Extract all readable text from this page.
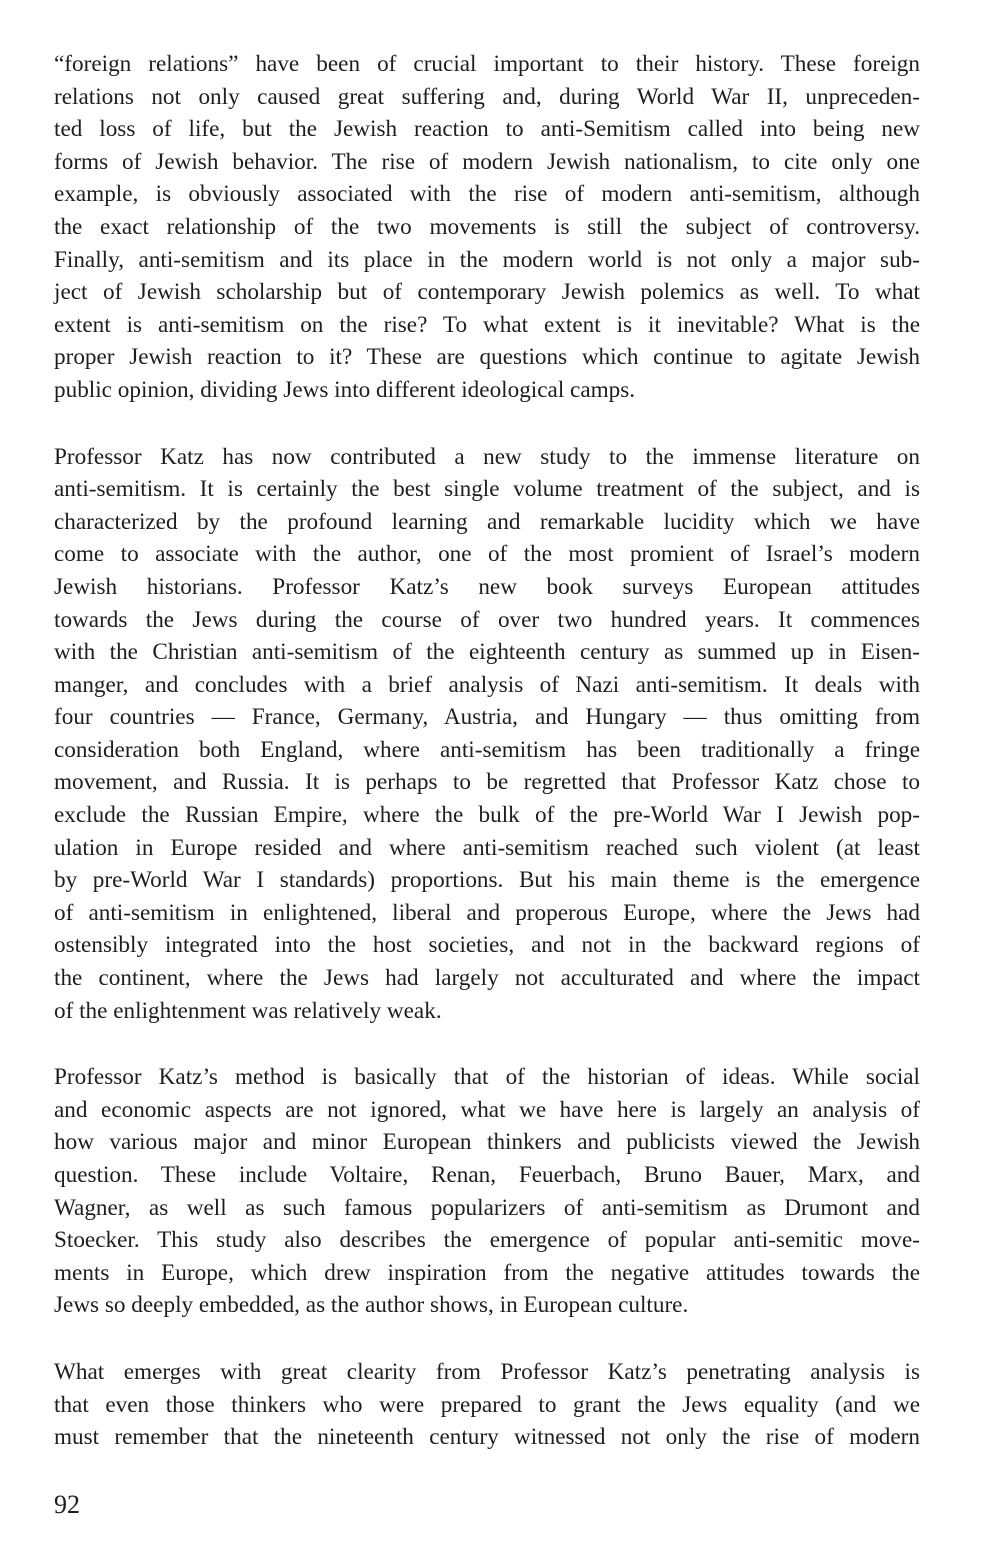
“foreign relations” have been of crucial important to their history. These foreign
relations not only caused great suffering and, during World War II, unpreceden-
ted loss of life, but the Jewish reaction to anti-Semitism called into being new
forms of Jewish behavior. The rise of modern Jewish nationalism, to cite only one
example, is obviously associated with the rise of modern anti-semitism, although
the exact relationship of the two movements is still the subject of controversy.
Finally, anti-semitism and its place in the modern world is not only a major sub-
ject of Jewish scholarship but of contemporary Jewish polemics as well. To what
extent is anti-semitism on the rise? To what extent is it inevitable? What is the
proper Jewish reaction to it? These are questions which continue to agitate Jewish
public opinion, dividing Jews into different ideological camps.
Professor Katz has now contributed a new study to the immense literature on
anti-semitism. It is certainly the best single volume treatment of the subject, and is
characterized by the profound learning and remarkable lucidity which we have
come to associate with the author, one of the most promient of Israel’s modern
Jewish historians. Professor Katz’s new book surveys European attitudes
towards the Jews during the course of over two hundred years. It commences
with the Christian anti-semitism of the eighteenth century as summed up in Eisen-
manger, and concludes with a brief analysis of Nazi anti-semitism. It deals with
four countries — France, Germany, Austria, and Hungary — thus omitting from
consideration both England, where anti-semitism has been traditionally a fringe
movement, and Russia. It is perhaps to be regretted that Professor Katz chose to
exclude the Russian Empire, where the bulk of the pre-World War I Jewish pop-
ulation in Europe resided and where anti-semitism reached such violent (at least
by pre-World War I standards) proportions. But his main theme is the emergence
of anti-semitism in enlightened, liberal and properous Europe, where the Jews had
ostensibly integrated into the host societies, and not in the backward regions of
the continent, where the Jews had largely not acculturated and where the impact
of the enlightenment was relatively weak.
Professor Katz’s method is basically that of the historian of ideas. While social
and economic aspects are not ignored, what we have here is largely an analysis of
how various major and minor European thinkers and publicists viewed the Jewish
question. These include Voltaire, Renan, Feuerbach, Bruno Bauer, Marx, and
Wagner, as well as such famous popularizers of anti-semitism as Drumont and
Stoecker. This study also describes the emergence of popular anti-semitic move-
ments in Europe, which drew inspiration from the negative attitudes towards the
Jews so deeply embedded, as the author shows, in European culture.
What emerges with great clearity from Professor Katz’s penetrating analysis is
that even those thinkers who were prepared to grant the Jews equality (and we
must remember that the nineteenth century witnessed not only the rise of modern
92
